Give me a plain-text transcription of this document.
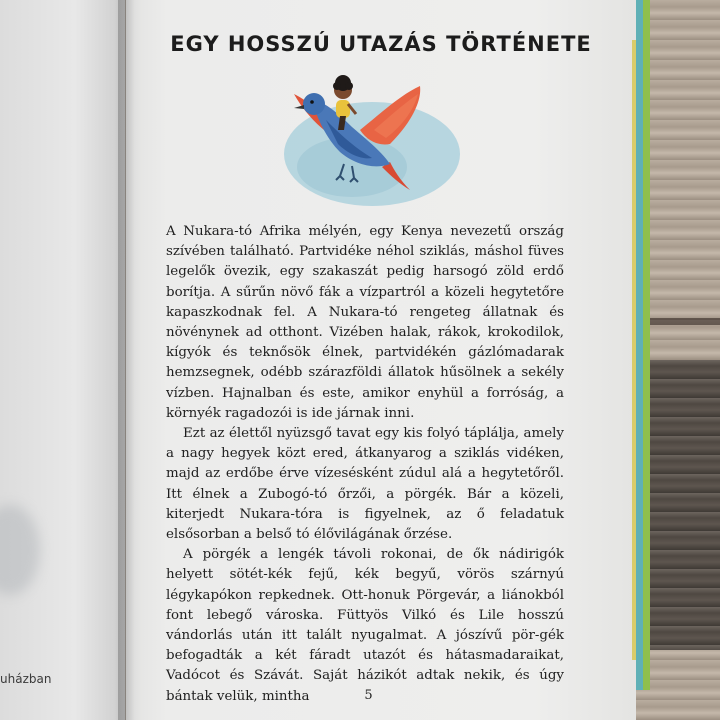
uházban
EGY HOSSZÚ UTAZÁS TÖRTÉNETE

A Nukara-tó Afrika mélyén, egy Kenya nevezetű ország szívében található. Partvidéke néhol sziklás, máshol füves legelők övezik, egy szakaszát pedig harsogó zöld erdő borítja. A sűrűn növő fák a vízpartról a közeli hegytetőre kapaszkodnak fel. A Nukara-tó rengeteg állatnak és növénynek ad otthont. Vizében halak, rákok, krokodilok, kígyók és teknősök élnek, partvidékén gázlómadarak hemzsegnek, odébb szárazföldi állatok hűsölnek a sekély vízben. Hajnalban és este, amikor enyhül a forróság, a környék ragadozói is ide járnak inni.

Ezt az élettől nyüzsgő tavat egy kis folyó táplálja, amely a nagy hegyek közt ered, átkanyarog a sziklás vidéken, majd az erdőbe érve vízesésként zúdul alá a hegytetőről. Itt élnek a Zubogó-tó őrzői, a pörgék. Bár a közeli, kiterjedt Nukara-tóra is figyelnek, az ő feladatuk elsősorban a belső tó élővilágának őrzése.

A pörgék a lengék távoli rokonai, de ők nádirigók helyett sötét-kék fejű, kék begyű, vörös szárnyú légykapókon repkednek. Ott-honuk Pörgevár, a liánokból font lebegő városka. Füttyös Vilkó és Lile hosszú vándorlás után itt talált nyugalmat. A jószívű pör-gék befogadták a két fáradt utazót és hátasmadaraikat, Vadócot és Szávát. Saját házikót adtak nekik, és úgy bántak velük, mintha	5
